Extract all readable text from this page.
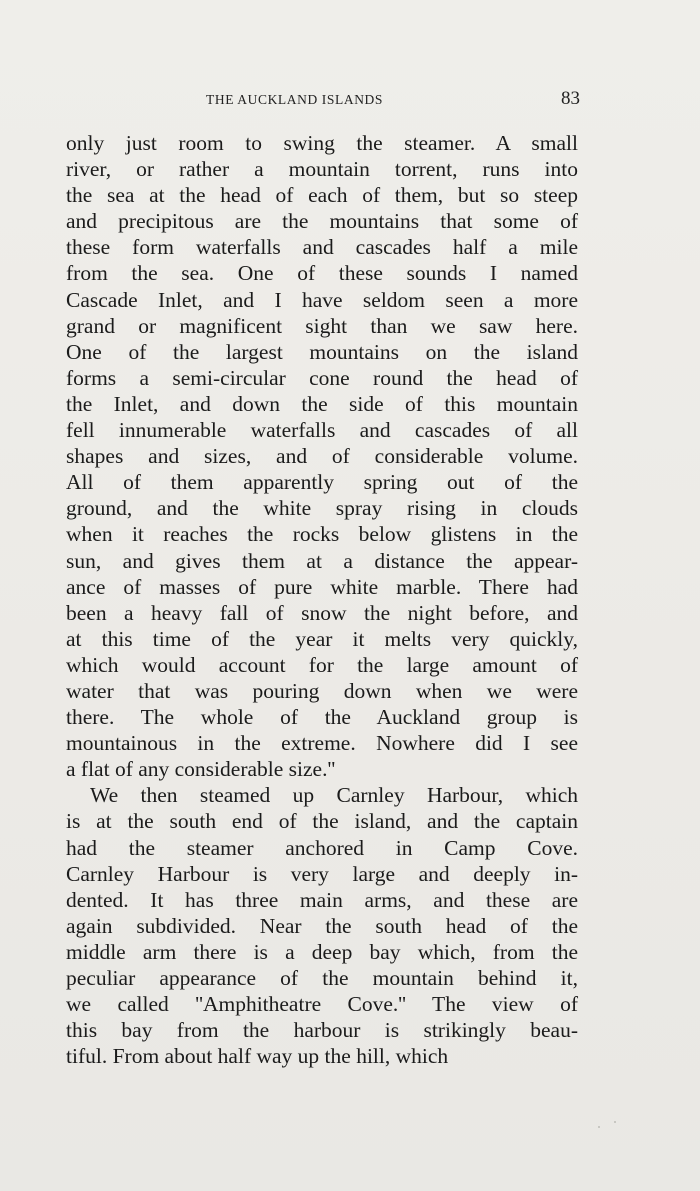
THE AUCKLAND ISLANDS	83
only just room to swing the steamer. A small
river, or rather a mountain torrent, runs into
the sea at the head of each of them, but so steep
and precipitous are the mountains that some of
these form waterfalls and cascades half a mile
from the sea. One of these sounds I named
Cascade Inlet, and I have seldom seen a more
grand or magnificent sight than we saw here.
One of the largest mountains on the island
forms a semi-circular cone round the head of
the Inlet, and down the side of this mountain
fell innumerable waterfalls and cascades of all
shapes and sizes, and of considerable volume.
All of them apparently spring out of the
ground, and the white spray rising in clouds
when it reaches the rocks below glistens in the
sun, and gives them at a distance the appear-
ance of masses of pure white marble. There had
been a heavy fall of snow the night before, and
at this time of the year it melts very quickly,
which would account for the large amount of
water that was pouring down when we were
there. The whole of the Auckland group is
mountainous in the extreme. Nowhere did I see
a flat of any considerable size.''
We then steamed up Carnley Harbour, which
is at the south end of the island, and the captain
had the steamer anchored in Camp Cove.
Carnley Harbour is very large and deeply in-
dented. It has three main arms, and these are
again subdivided. Near the south head of the
middle arm there is a deep bay which, from the
peculiar appearance of the mountain behind it,
we called ''Amphitheatre Cove.'' The view of
this bay from the harbour is strikingly beau-
tiful. From about half way up the hill, which
